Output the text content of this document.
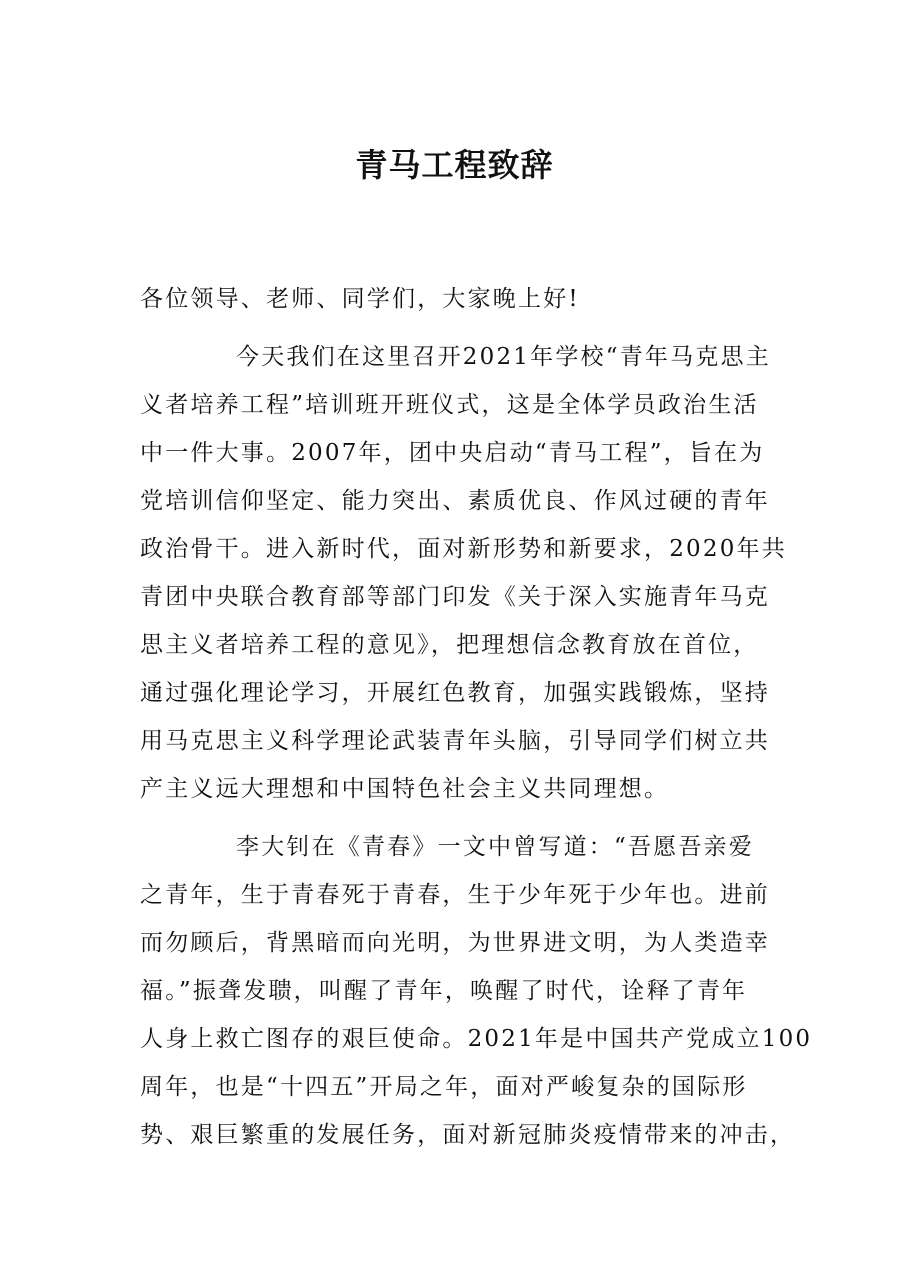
青马工程致辞
各位领导、老师、同学们，大家晚上好!
今天我们在这里召开2021年学校“青年马克思主
义者培养工程”培训班开班仪式，这是全体学员政治生活
中一件大事。2007年，团中央启动“青马工程”，旨在为
党培训信仰坚定、能力突出、素质优良、作风过硬的青年
政治骨干。进入新时代，面对新形势和新要求，2020年共
青团中央联合教育部等部门印发《关于深入实施青年马克
思主义者培养工程的意见》，把理想信念教育放在首位，
通过强化理论学习，开展红色教育，加强实践锻炼，坚持
用马克思主义科学理论武装青年头脑，引导同学们树立共
产主义远大理想和中国特色社会主义共同理想。
李大钊在《青春》一文中曾写道：“吾愿吾亲爱
之青年，生于青春死于青春，生于少年死于少年也。进前
而勿顾后，背黑暗而向光明，为世界进文明，为人类造幸
福。”振聋发聩，叫醒了青年，唤醒了时代，诠释了青年
人身上救亡图存的艰巨使命。2021年是中国共产党成立100
周年，也是“十四五”开局之年，面对严峻复杂的国际形
势、艰巨繁重的发展任务，面对新冠肺炎疫情带来的冲击，
